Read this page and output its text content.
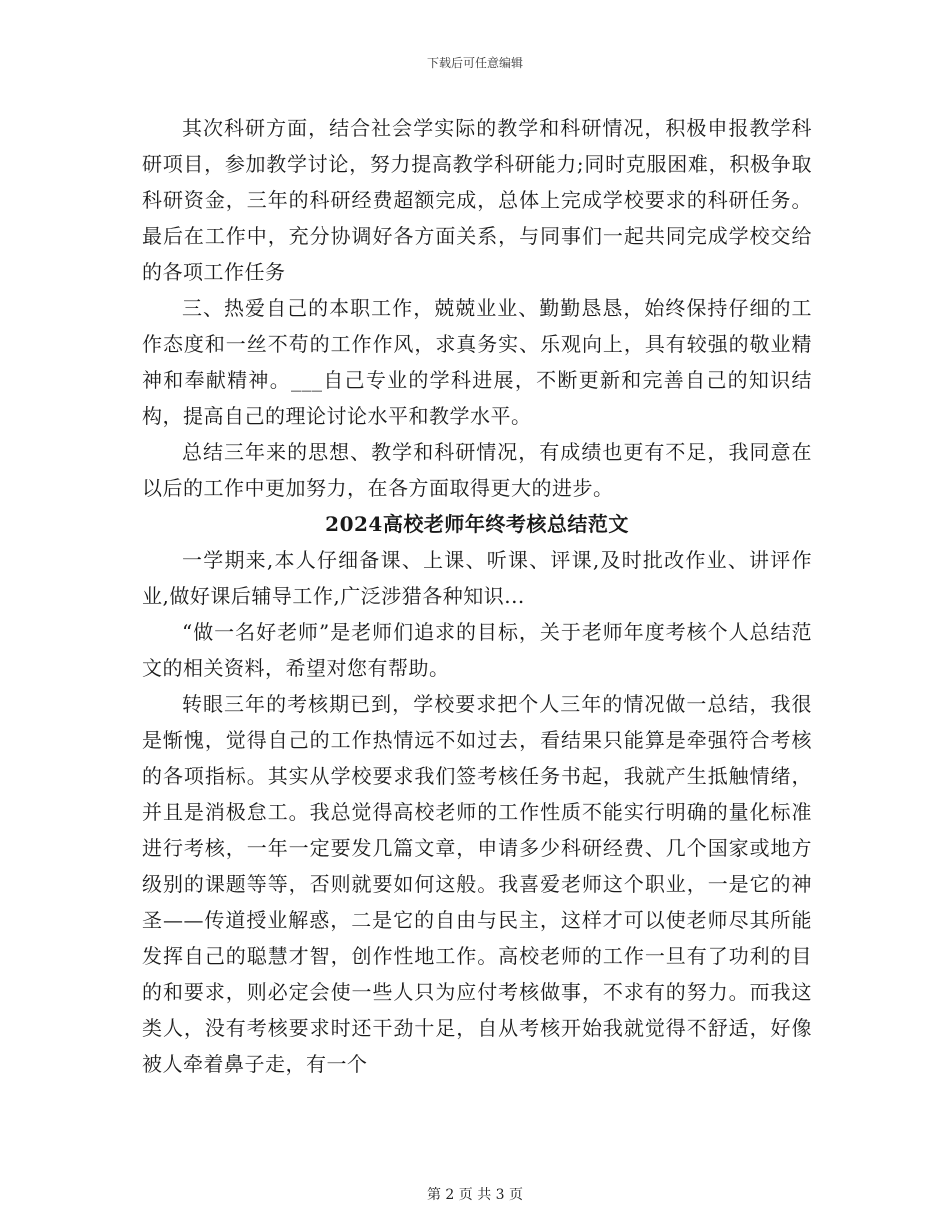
下载后可任意编辑

其次科研方面，结合社会学实际的教学和科研情况，积极申报教学科研项目，参加教学讨论，努力提高教学科研能力;同时克服困难，积极争取科研资金，三年的科研经费超额完成，总体上完成学校要求的科研任务。最后在工作中，充分协调好各方面关系，与同事们一起共同完成学校交给的各项工作任务

三、热爱自己的本职工作，兢兢业业、勤勤恳恳，始终保持仔细的工作态度和一丝不苟的工作作风，求真务实、乐观向上，具有较强的敬业精神和奉献精神。___自己专业的学科进展，不断更新和完善自己的知识结构，提高自己的理论讨论水平和教学水平。

总结三年来的思想、教学和科研情况，有成绩也更有不足，我同意在以后的工作中更加努力，在各方面取得更大的进步。

2024高校老师年终考核总结范文

一学期来,本人仔细备课、上课、听课、评课,及时批改作业、讲评作业,做好课后辅导工作,广泛涉猎各种知识...

“做一名好老师”是老师们追求的目标，关于老师年度考核个人总结范文的相关资料，希望对您有帮助。

转眼三年的考核期已到，学校要求把个人三年的情况做一总结，我很是惭愧，觉得自己的工作热情远不如过去，看结果只能算是牵强符合考核的各项指标。其实从学校要求我们签考核任务书起，我就产生抵触情绪，并且是消极怠工。我总觉得高校老师的工作性质不能实行明确的量化标准进行考核，一年一定要发几篇文章，申请多少科研经费、几个国家或地方级别的课题等等，否则就要如何这般。我喜爱老师这个职业，一是它的神圣——传道授业解惑，二是它的自由与民主，这样才可以使老师尽其所能发挥自己的聪慧才智，创作性地工作。高校老师的工作一旦有了功利的目的和要求，则必定会使一些人只为应付考核做事，不求有的努力。而我这类人，没有考核要求时还干劲十足，自从考核开始我就觉得不舒适，好像被人牵着鼻子走，有一个

第 2 页 共 3 页
